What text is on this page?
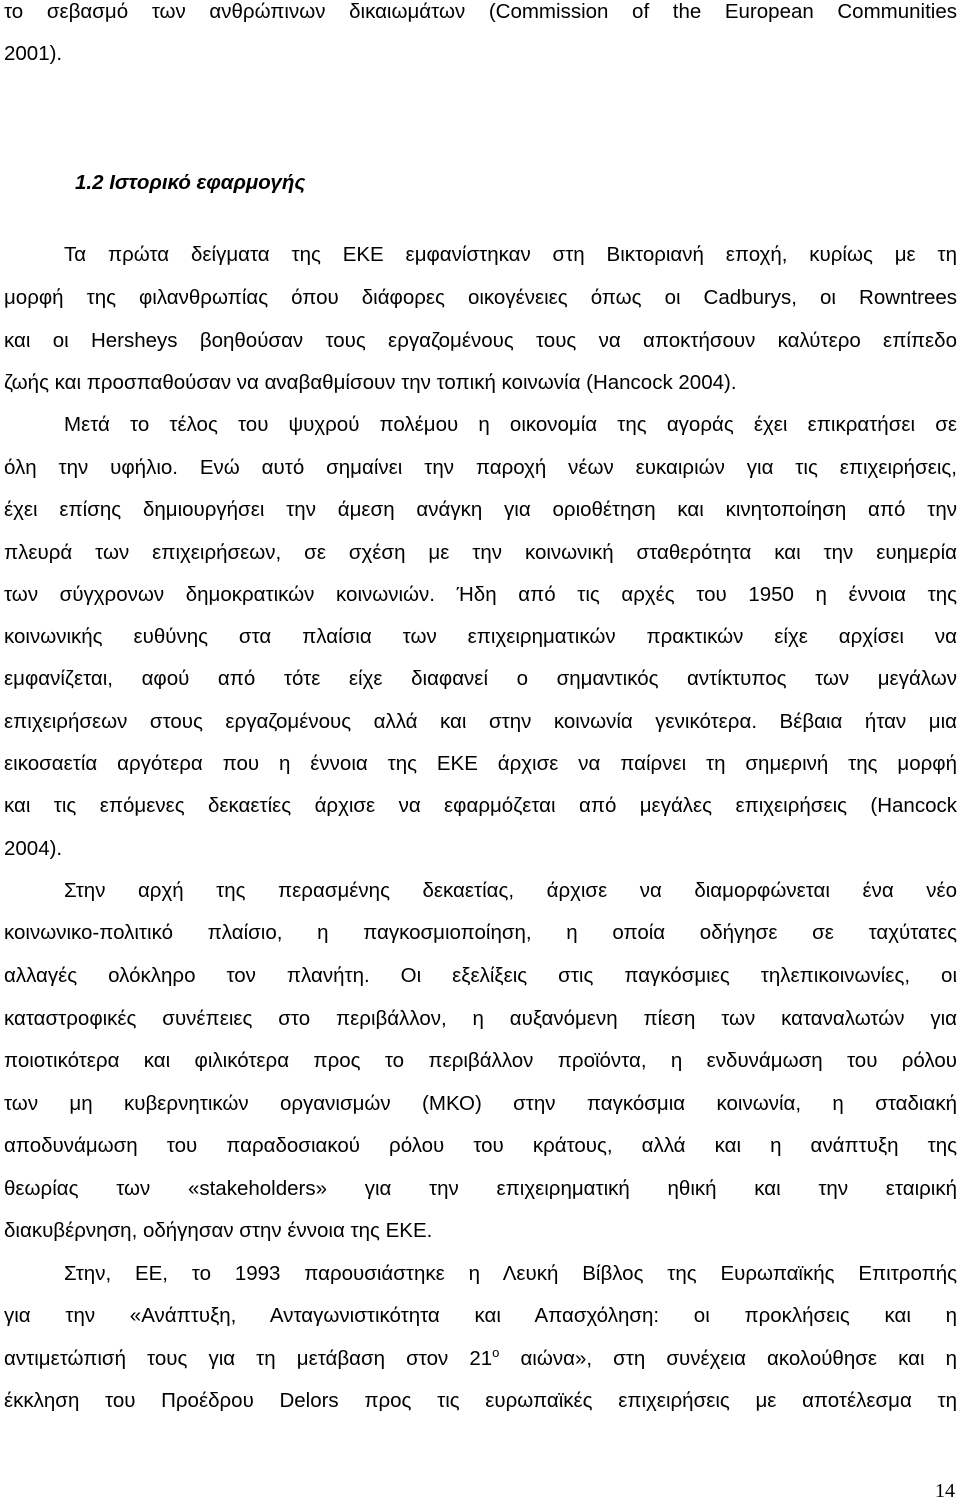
το σεβασμό των ανθρώπινων δικαιωμάτων (Commission of the European Communities

2001).

1.2 Ιστορικό εφαρμογής

Τα πρώτα δείγματα της ΕΚΕ εμφανίστηκαν στη Βικτοριανή εποχή, κυρίως με τη

μορφή της φιλανθρωπίας όπου διάφορες οικογένειες όπως οι Cadburys, οι Rowntrees

και οι Hersheys βοηθούσαν τους εργαζομένους τους να αποκτήσουν καλύτερο επίπεδο

ζωής και προσπαθούσαν να αναβαθμίσουν την τοπική κοινωνία (Hancock 2004).

Μετά το τέλος του ψυχρού πολέμου η οικονομία της αγοράς έχει επικρατήσει σε

όλη την υφήλιο. Ενώ αυτό σημαίνει την παροχή νέων ευκαιριών για τις επιχειρήσεις,

έχει επίσης δημιουργήσει την άμεση ανάγκη για οριοθέτηση και κινητοποίηση από την

πλευρά των επιχειρήσεων, σε σχέση με την κοινωνική σταθερότητα και την ευημερία

των σύγχρονων δημοκρατικών κοινωνιών. Ήδη από τις αρχές του 1950 η έννοια της

κοινωνικής ευθύνης στα πλαίσια των επιχειρηματικών πρακτικών είχε αρχίσει να

εμφανίζεται, αφού από τότε είχε διαφανεί ο σημαντικός αντίκτυπος των μεγάλων

επιχειρήσεων στους εργαζομένους αλλά και στην κοινωνία γενικότερα. Βέβαια ήταν μια

εικοσαετία αργότερα που η έννοια της ΕΚΕ άρχισε να παίρνει τη σημερινή της μορφή

και τις επόμενες δεκαετίες άρχισε να εφαρμόζεται από μεγάλες επιχειρήσεις (Hancock

2004).

Στην αρχή της περασμένης δεκαετίας, άρχισε να διαμορφώνεται ένα νέο

κοινωνικο-πολιτικό πλαίσιο, η παγκοσμιοποίηση, η οποία οδήγησε σε ταχύτατες

αλλαγές ολόκληρο τον πλανήτη. Οι εξελίξεις στις παγκόσμιες τηλεπικοινωνίες, οι

καταστροφικές συνέπειες στο περιβάλλον, η αυξανόμενη πίεση των καταναλωτών για

ποιοτικότερα και φιλικότερα προς το περιβάλλον προϊόντα, η ενδυνάμωση του ρόλου

των μη κυβερνητικών οργανισμών (ΜΚΟ) στην παγκόσμια κοινωνία, η σταδιακή

αποδυνάμωση του παραδοσιακού ρόλου του κράτους, αλλά και η ανάπτυξη της

θεωρίας των «stakeholders» για την επιχειρηματική ηθική και την εταιρική

διακυβέρνηση, οδήγησαν στην έννοια της ΕΚΕ.

Στην, ΕΕ, το 1993 παρουσιάστηκε η Λευκή Βίβλος της Ευρωπαϊκής Επιτροπής

για την «Ανάπτυξη, Ανταγωνιστικότητα και Απασχόληση: οι προκλήσεις και η

αντιμετώπισή τους για τη μετάβαση στον $21^o$ αιώνα», στη συνέχεια ακολούθησε και η

έκκληση του Προέδρου Delors προς τις ευρωπαϊκές επιχειρήσεις με αποτέλεσμα τη

14
